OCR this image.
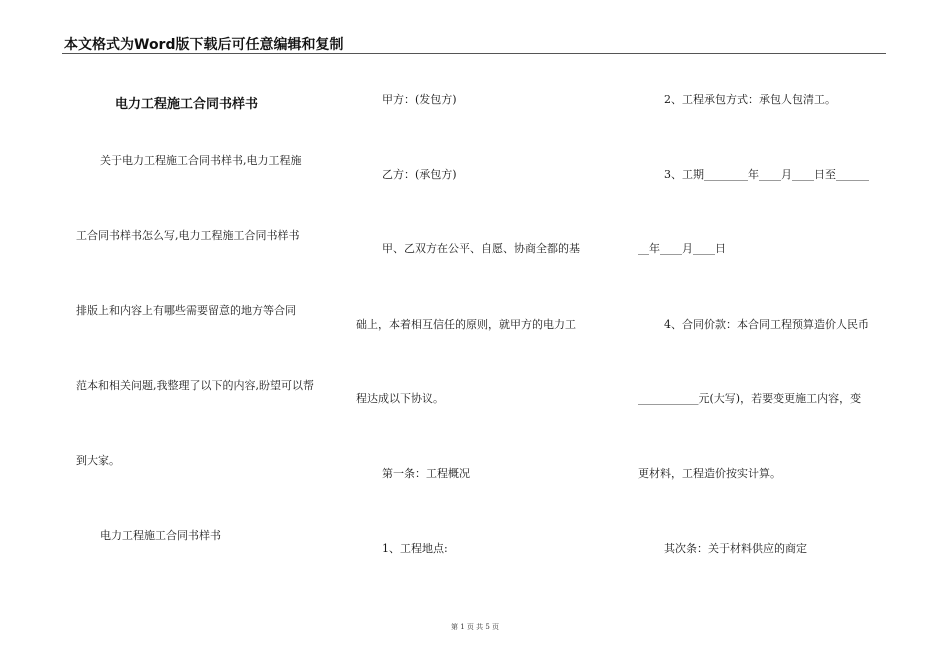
本文格式为Word版下载后可任意编辑和复制
电力工程施工合同书样书
关于电力工程施工合同书样书,电力工程施
工合同书样书怎么写,电力工程施工合同书样书
排版上和内容上有哪些需要留意的地方等合同
范本和相关问题,我整理了以下的内容,盼望可以帮
到大家。
电力工程施工合同书样书
甲方：(发包方)
乙方：(承包方)
甲、乙双方在公平、自愿、协商全都的基
础上，本着相互信任的原则，就甲方的电力工
程达成以下协议。
第一条：工程概况
1、工程地点:
2、工程承包方式：承包人包清工。
3、工期________年____月____日至______
__年____月____日
4、合同价款：本合同工程预算造价人民币
___________元(大写)，若要变更施工内容，变
更材料，工程造价按实计算。
其次条：关于材料供应的商定
第 1 页 共 5 页
